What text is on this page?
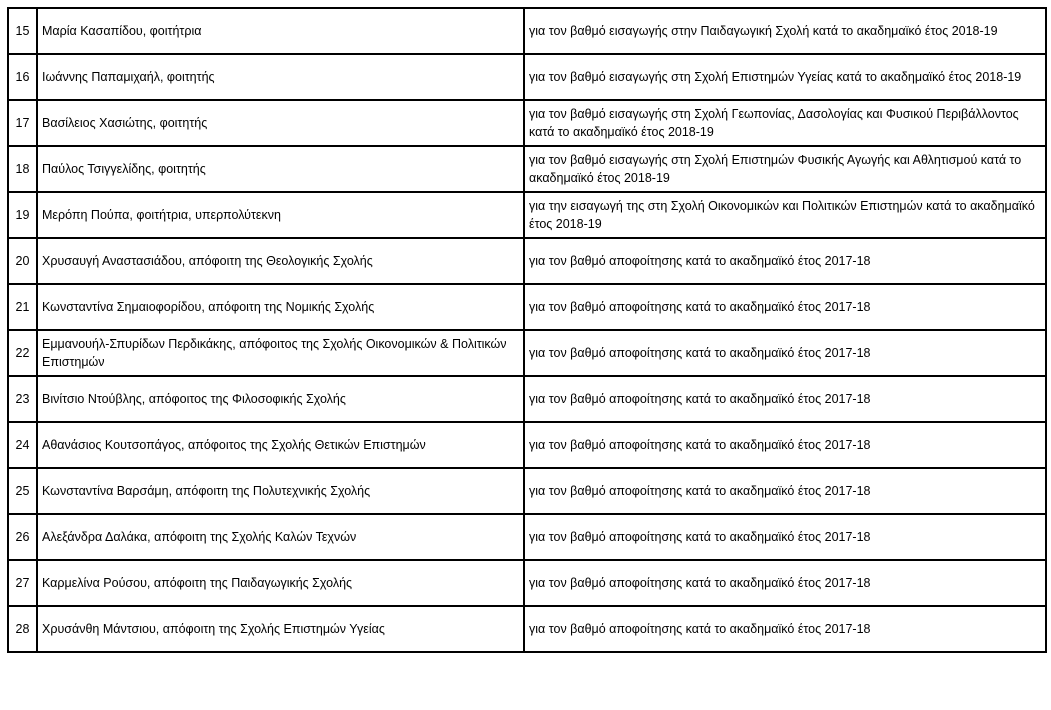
15	Μαρία Κασαπίδου, φοιτήτρια	για τον βαθμό εισαγωγής στην Παιδαγωγική Σχολή κατά το ακαδημαϊκό έτος 2018-19
16	Ιωάννης Παπαμιχαήλ, φοιτητής	για τον βαθμό εισαγωγής στη Σχολή Επιστημών Υγείας κατά το ακαδημαϊκό έτος 2018-19
17	Βασίλειος Χασιώτης, φοιτητής	για τον βαθμό εισαγωγής στη Σχολή Γεωπονίας, Δασολογίας και Φυσικού Περιβάλλοντος κατά το ακαδημαϊκό έτος 2018-19
18	Παύλος Τσιγγελίδης, φοιτητής	για τον βαθμό εισαγωγής στη Σχολή Επιστημών Φυσικής Αγωγής και Αθλητισμού κατά το ακαδημαϊκό έτος 2018-19
19	Μερόπη Πούπα, φοιτήτρια, υπερπολύτεκνη	για την εισαγωγή της στη Σχολή Οικονομικών και Πολιτικών Επιστημών κατά το ακαδημαϊκό έτος 2018-19
20	Χρυσαυγή Αναστασιάδου, απόφοιτη της Θεολογικής Σχολής	για τον βαθμό αποφοίτησης κατά το ακαδημαϊκό έτος 2017-18
21	Κωνσταντίνα Σημαιοφορίδου, απόφοιτη της Νομικής Σχολής	για τον βαθμό αποφοίτησης κατά το ακαδημαϊκό έτος 2017-18
22	Εμμανουήλ-Σπυρίδων Περδικάκης, απόφοιτος της Σχολής Οικονομικών & Πολιτικών Επιστημών	για τον βαθμό αποφοίτησης κατά το ακαδημαϊκό έτος 2017-18
23	Βινίτσιο Ντούβλης, απόφοιτος της Φιλοσοφικής Σχολής	για τον βαθμό αποφοίτησης κατά το ακαδημαϊκό έτος 2017-18
24	Αθανάσιος Κουτσοπάγος, απόφοιτος της Σχολής Θετικών Επιστημών	για τον βαθμό αποφοίτησης κατά το ακαδημαϊκό έτος 2017-18
25	Κωνσταντίνα Βαρσάμη, απόφοιτη της Πολυτεχνικής Σχολής	για τον βαθμό αποφοίτησης κατά το ακαδημαϊκό έτος 2017-18
26	Αλεξάνδρα Δαλάκα, απόφοιτη της Σχολής Καλών Τεχνών	για τον βαθμό αποφοίτησης κατά το ακαδημαϊκό έτος 2017-18
27	Καρμελίνα Ρούσου, απόφοιτη της Παιδαγωγικής Σχολής	για τον βαθμό αποφοίτησης κατά το ακαδημαϊκό έτος 2017-18
28	Χρυσάνθη Μάντσιου, απόφοιτη της Σχολής Επιστημών Υγείας	για τον βαθμό αποφοίτησης κατά το ακαδημαϊκό έτος 2017-18
